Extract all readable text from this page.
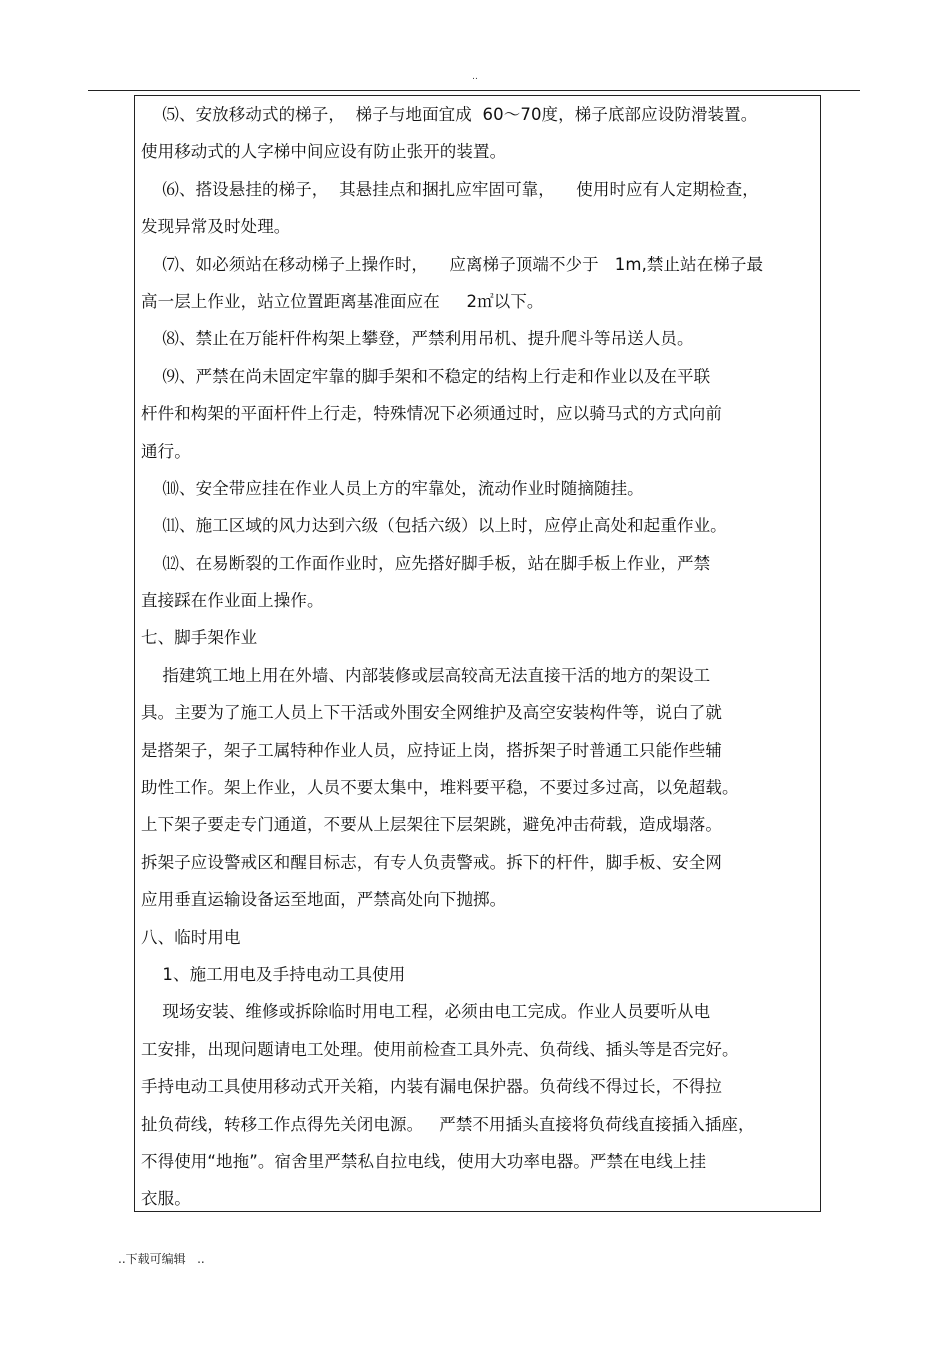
..
⑸、安放移动式的梯子，  梯子与地面宜成  60～70度，梯子底部应设防滑装置。
使用移动式的人字梯中间应设有防止张开的装置。
⑹、搭设悬挂的梯子，  其悬挂点和捆扎应牢固可靠，    使用时应有人定期检查，
发现异常及时处理。
⑺、如必须站在移动梯子上操作时，    应离梯子顶端不少于   1m,禁止站在梯子最
高一层上作业，站立位置距离基准面应在     2㎡以下。
⑻、禁止在万能杆件构架上攀登，严禁利用吊机、提升爬斗等吊送人员。
⑼、严禁在尚未固定牢靠的脚手架和不稳定的结构上行走和作业以及在平联
杆件和构架的平面杆件上行走，特殊情况下必须通过时，应以骑马式的方式向前
通行。
⑽、安全带应挂在作业人员上方的牢靠处，流动作业时随摘随挂。
⑾、施工区域的风力达到六级（包括六级）以上时，应停止高处和起重作业。
⑿、在易断裂的工作面作业时，应先搭好脚手板，站在脚手板上作业，严禁
直接踩在作业面上操作。
七、脚手架作业
指建筑工地上用在外墙、内部装修或层高较高无法直接干活的地方的架设工
具。主要为了施工人员上下干活或外围安全网维护及高空安装构件等，说白了就
是搭架子，架子工属特种作业人员，应持证上岗，搭拆架子时普通工只能作些辅
助性工作。架上作业，人员不要太集中，堆料要平稳，不要过多过高，以免超载。
上下架子要走专门通道，不要从上层架往下层架跳，避免冲击荷载，造成塌落。
拆架子应设警戒区和醒目标志，有专人负责警戒。拆下的杆件，脚手板、安全网
应用垂直运输设备运至地面，严禁高处向下抛掷。
八、临时用电
1、施工用电及手持电动工具使用
现场安装、维修或拆除临时用电工程，必须由电工完成。作业人员要听从电
工安排，出现问题请电工处理。使用前检查工具外壳、负荷线、插头等是否完好。
手持电动工具使用移动式开关箱，内装有漏电保护器。负荷线不得过长，不得拉
扯负荷线，转移工作点得先关闭电源。   严禁不用插头直接将负荷线直接插入插座，
不得使用“地拖”。宿舍里严禁私自拉电线，使用大功率电器。严禁在电线上挂
衣服。
..下载可编辑   ..
